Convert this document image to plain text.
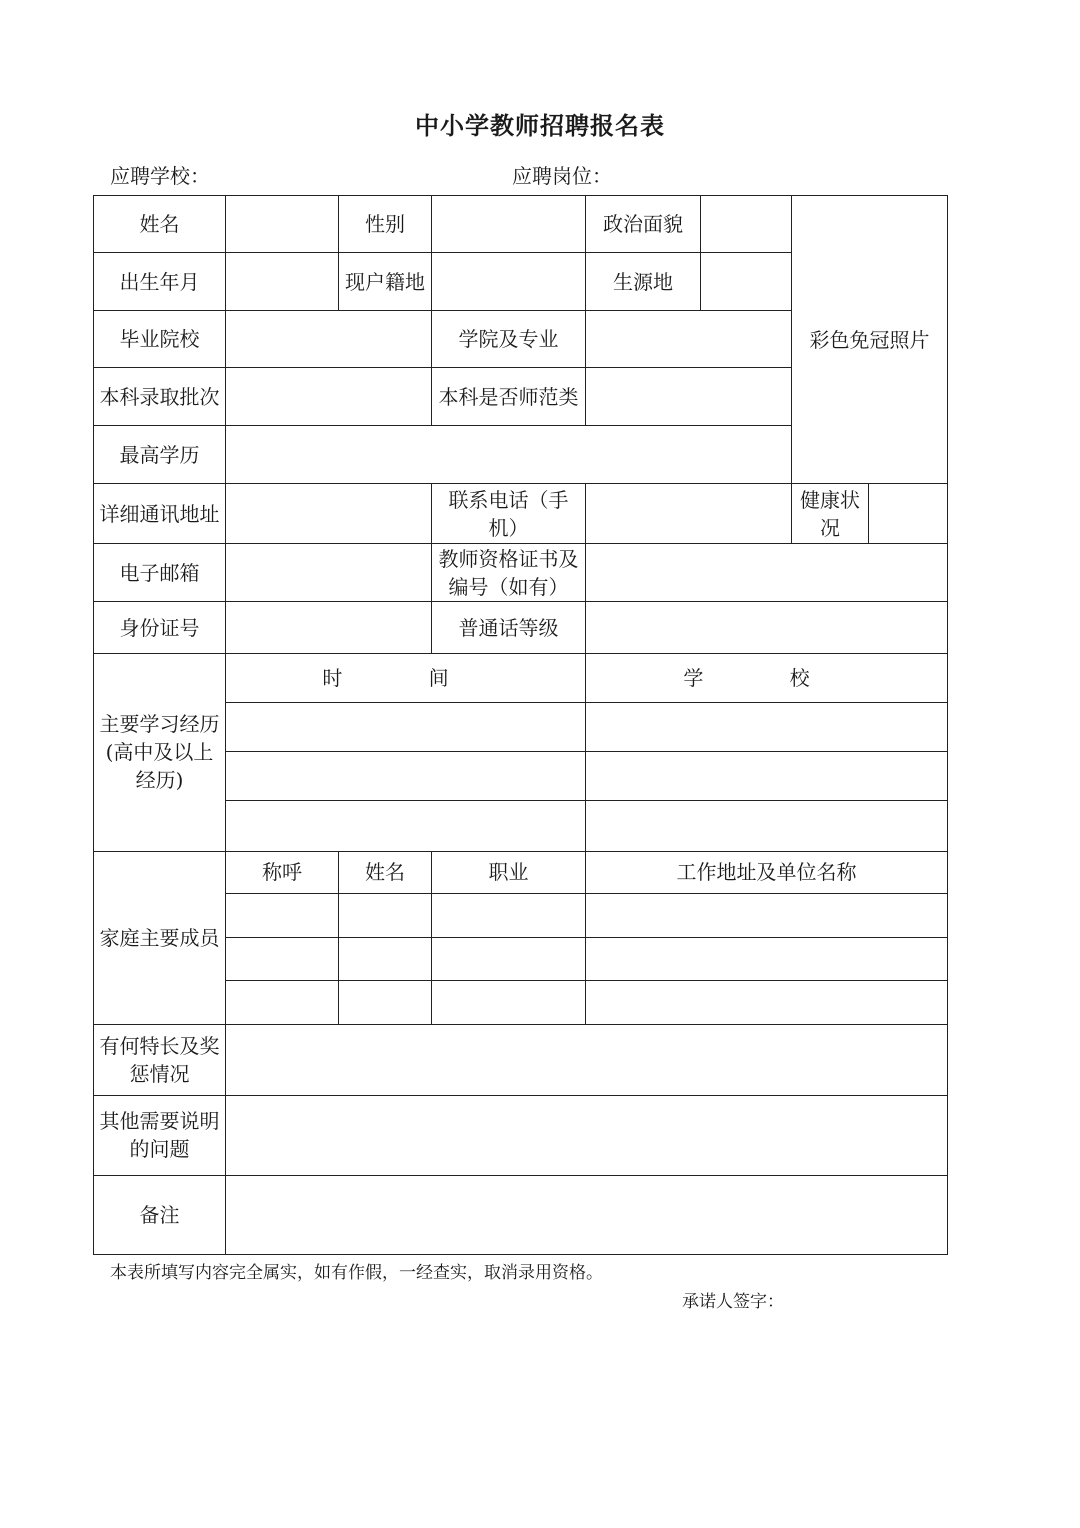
中小学教师招聘报名表
应聘学校：	应聘岗位：
姓名		性别		政治面貌		彩色免冠照片	
出生年月		现户籍地		生源地			
毕业院校			学院及专业				
本科录取批次			本科是否师范类				
最高学历							
详细通讯地址			联系电话（手机）			健康状况	
电子邮箱			教师资格证书及编号（如有）				
身份证号			普通话等级				
主要学习经历(高中及以上经历)	时 间			学 校			

家庭主要成员	称呼	姓名	职业	工作地址及单位名称			

有何特长及奖惩情况							
其他需要说明的问题							
备注							
本表所填写内容完全属实，如有作假，一经查实，取消录用资格。
承诺人签字：
